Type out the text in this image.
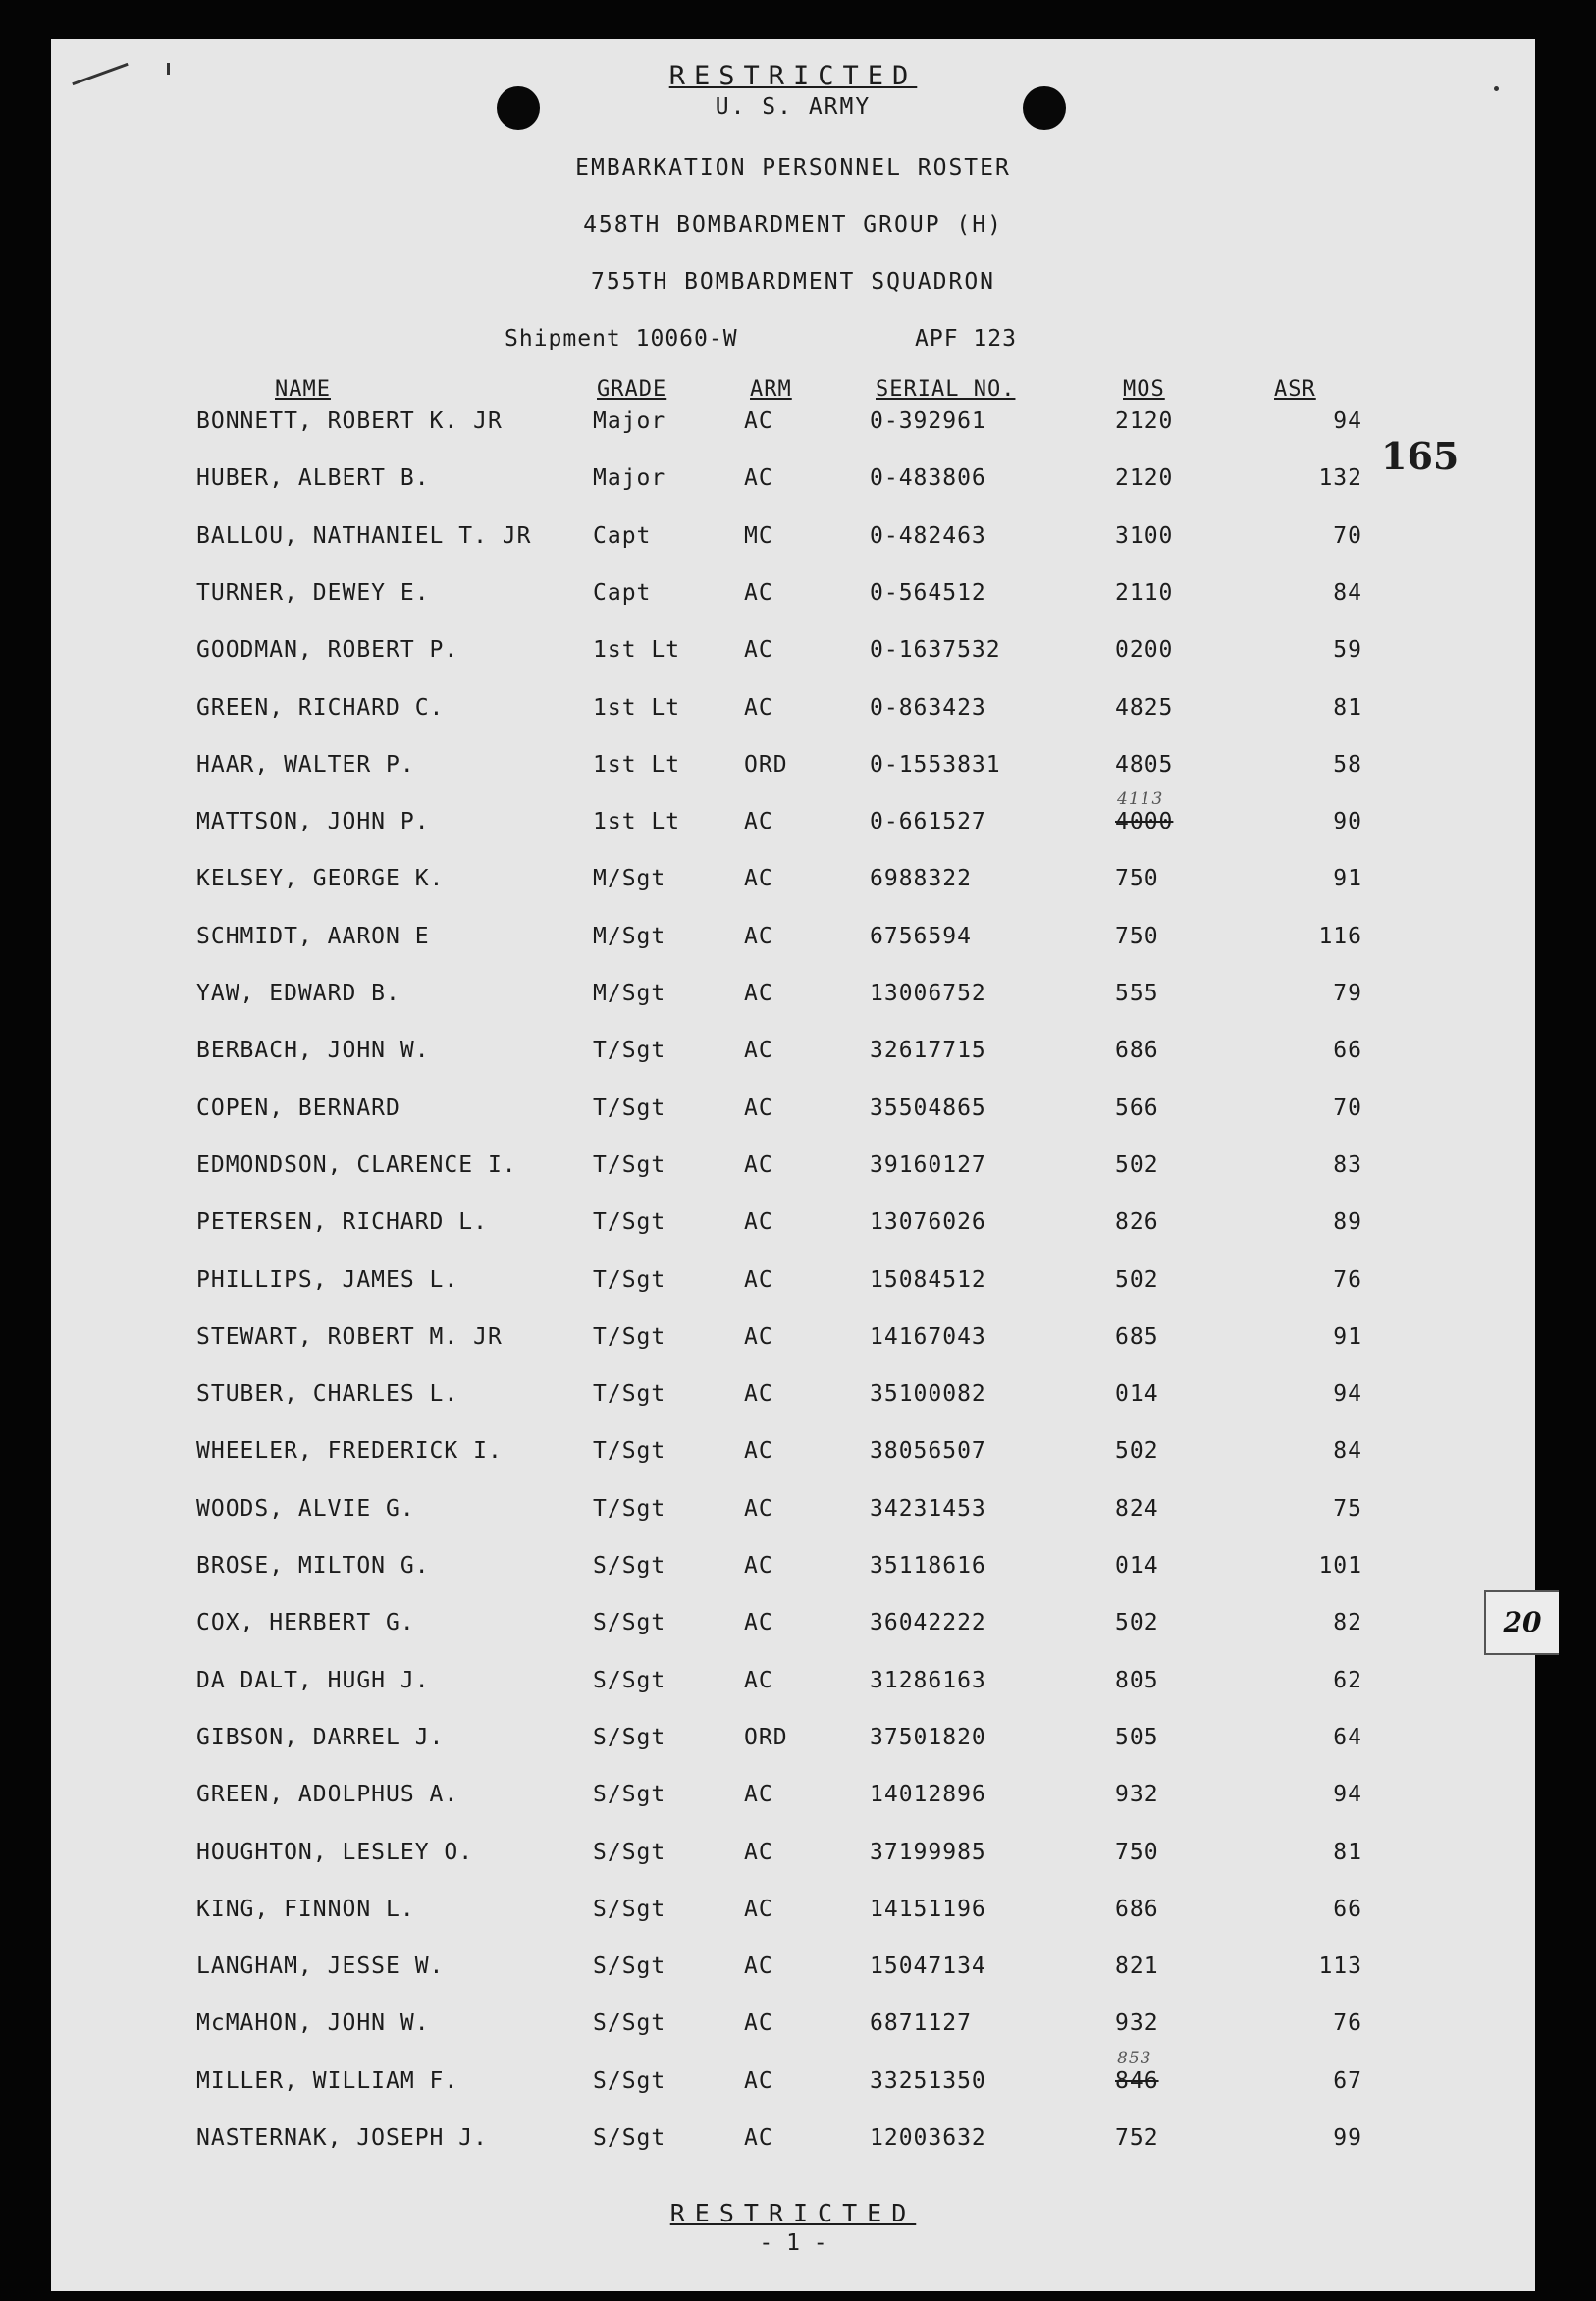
RESTRICTED
U. S. ARMY
EMBARKATION PERSONNEL ROSTER
458TH BOMBARDMENT GROUP (H)
755TH BOMBARDMENT SQUADRON
Shipment 10060-W	APF 123
NAME	GRADE	ARM	SERIAL NO.	MOS	ASR
BONNETT, ROBERT K. JR	Major	AC	0-392961	2120	94
HUBER, ALBERT B.	Major	AC	0-483806	2120	132
BALLOU, NATHANIEL T. JR	Capt	MC	0-482463	3100	70
TURNER, DEWEY E.	Capt	AC	0-564512	2110	84
GOODMAN, ROBERT P.	1st Lt	AC	0-1637532	0200	59
GREEN, RICHARD C.	1st Lt	AC	0-863423	4825	81
HAAR, WALTER P.	1st Lt	ORD	0-1553831	4805	58
MATTSON, JOHN P.	1st Lt	AC	0-661527	4000	90
4113
KELSEY, GEORGE K.	M/Sgt	AC	6988322	750	91
SCHMIDT, AARON E	M/Sgt	AC	6756594	750	116
YAW, EDWARD B.	M/Sgt	AC	13006752	555	79
BERBACH, JOHN W.	T/Sgt	AC	32617715	686	66
COPEN, BERNARD	T/Sgt	AC	35504865	566	70
EDMONDSON, CLARENCE I.	T/Sgt	AC	39160127	502	83
PETERSEN, RICHARD L.	T/Sgt	AC	13076026	826	89
PHILLIPS, JAMES L.	T/Sgt	AC	15084512	502	76
STEWART, ROBERT M. JR	T/Sgt	AC	14167043	685	91
STUBER, CHARLES L.	T/Sgt	AC	35100082	014	94
WHEELER, FREDERICK I.	T/Sgt	AC	38056507	502	84
WOODS, ALVIE G.	T/Sgt	AC	34231453	824	75
BROSE, MILTON G.	S/Sgt	AC	35118616	014	101
COX, HERBERT G.	S/Sgt	AC	36042222	502	82
DA DALT, HUGH J.	S/Sgt	AC	31286163	805	62
GIBSON, DARREL J.	S/Sgt	ORD	37501820	505	64
GREEN, ADOLPHUS A.	S/Sgt	AC	14012896	932	94
HOUGHTON, LESLEY O.	S/Sgt	AC	37199985	750	81
KING, FINNON L.	S/Sgt	AC	14151196	686	66
LANGHAM, JESSE W.	S/Sgt	AC	15047134	821	113
McMAHON, JOHN W.	S/Sgt	AC	6871127	932	76
MILLER, WILLIAM F.	S/Sgt	AC	33251350	846	67
853
NASTERNAK, JOSEPH J.	S/Sgt	AC	12003632	752	99
165
RESTRICTED
- 1 -
20
